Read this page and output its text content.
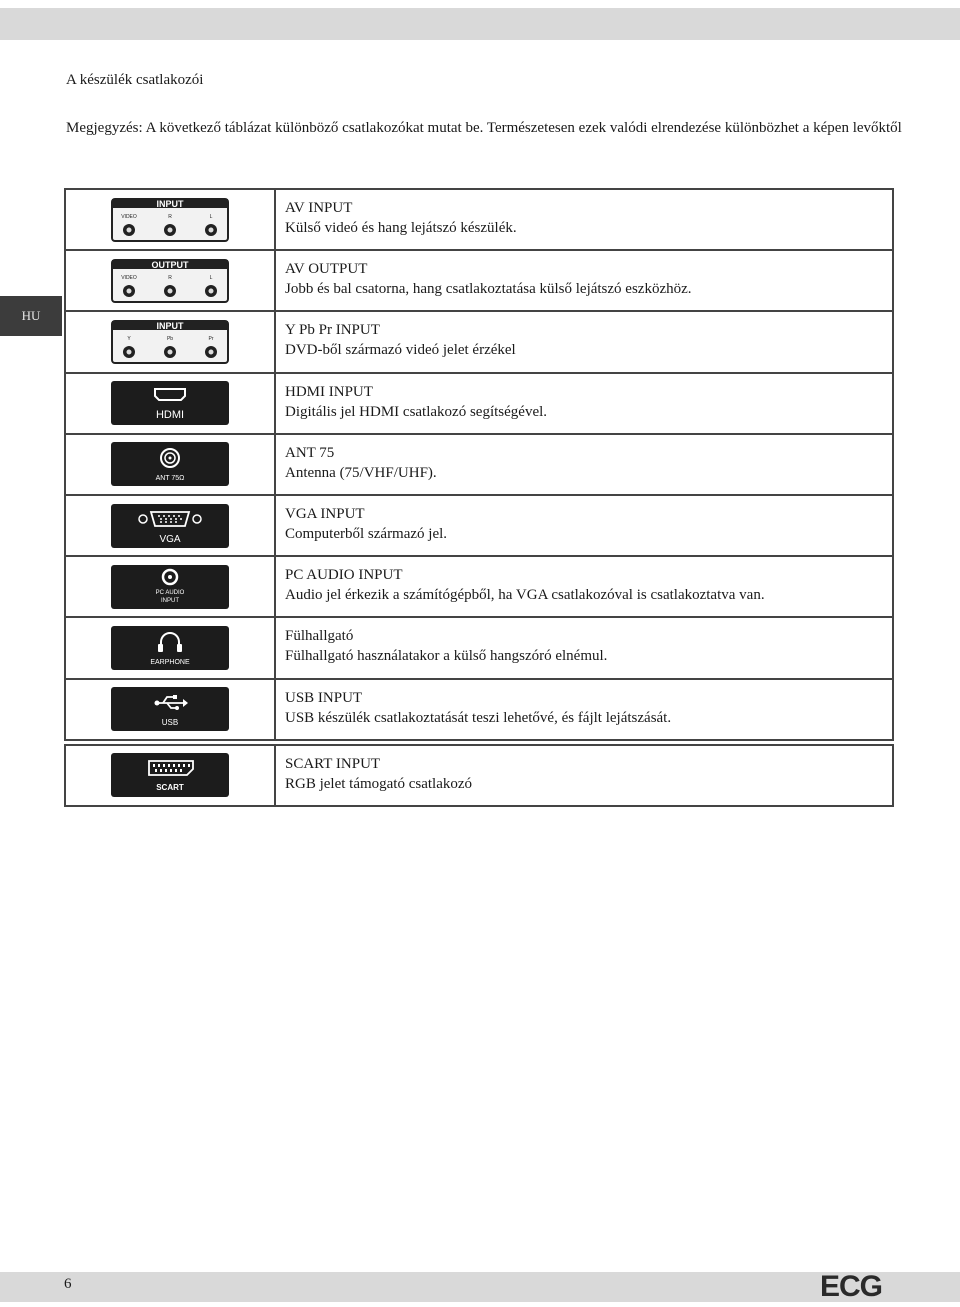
A készülék csatlakozói
Megjegyzés: A következő táblázat különböző csatlakozókat mutat be. Természetesen ezek valódi elrendezése különbözhet a képen levőktől
HU
INPUT
VIDEO	R	L
AV INPUT
Külső videó és hang lejátszó készülék.
OUTPUT
VIDEO	R	L
AV OUTPUT
Jobb és bal csatorna, hang csatlakoztatása külső lejátszó eszközhöz.
INPUT
Y	Pb	Pr
Y Pb Pr INPUT
DVD-ből származó videó jelet érzékel
HDMI
HDMI INPUT
Digitális jel HDMI csatlakozó segítségével.
ANT 75Ω
ANT 75
Antenna (75/VHF/UHF).
VGA
VGA INPUT
Computerből származó jel.
PC AUDIO
INPUT
PC AUDIO INPUT
Audio jel érkezik a számítógépből, ha VGA csatlakozóval is csatlakoztatva van.
EARPHONE
Fülhallgató
Fülhallgató használatakor a külső hangszóró elnémul.
USB
USB INPUT
USB készülék csatlakoztatását teszi lehetővé, és fájlt lejátszását.
SCART
SCART INPUT
RGB jelet támogató csatlakozó
6	ECG
